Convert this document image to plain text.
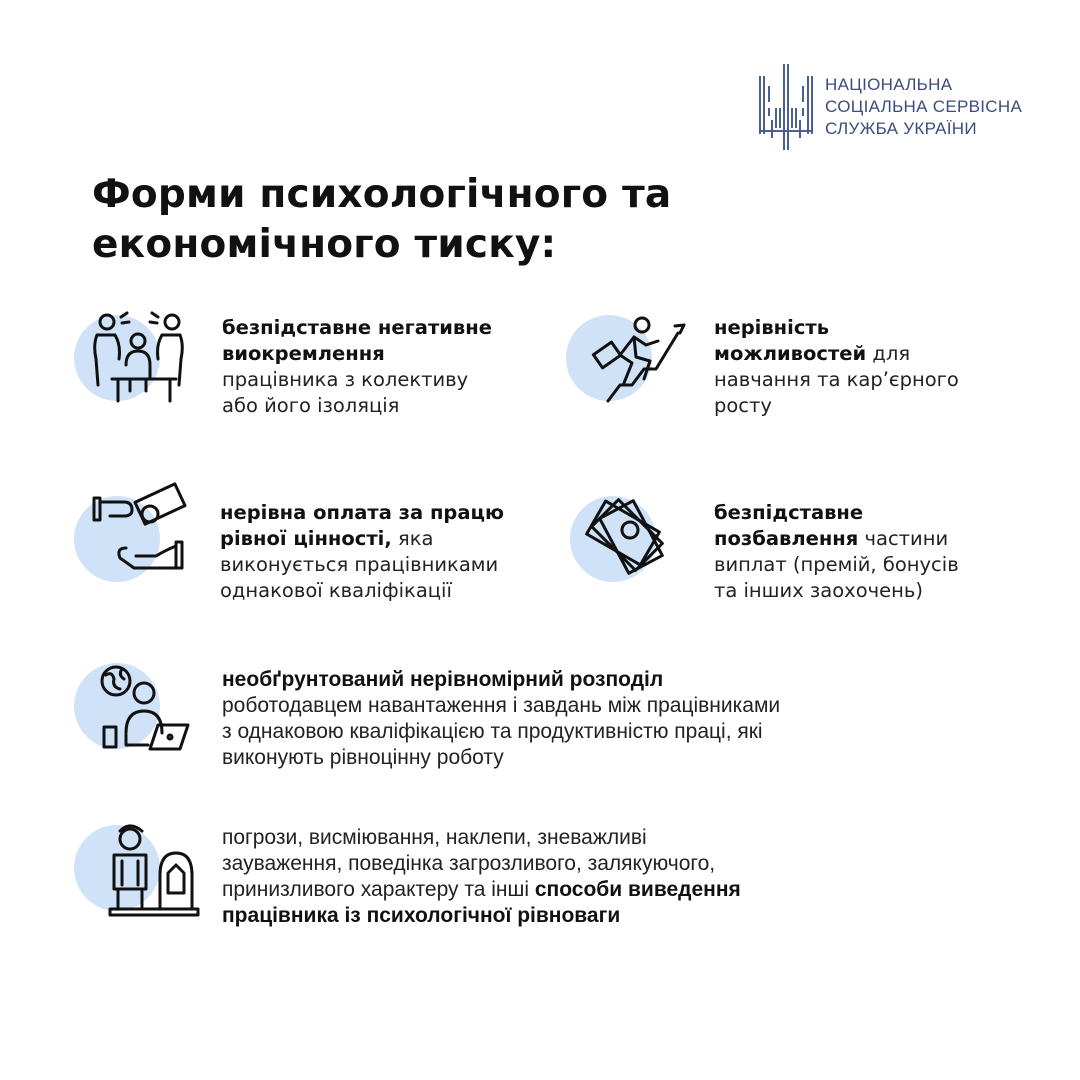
НАЦІОНАЛЬНА
СОЦІАЛЬНА СЕРВІСНА
СЛУЖБА УКРАЇНИ
Форми психологічного та
економічного тиску:
безпідставне негативне
виокремлення
працівника з колективу
або його ізоляція
нерівність
можливостей для
навчання та кар’єрного
росту
нерівна оплата за працю
рівної цінності, яка
виконується працівниками
однакової кваліфікації
безпідставне
позбавлення частини
виплат (премій, бонусів
та інших заохочень)
необґрунтований нерівномірний розподіл
роботодавцем навантаження і завдань між працівниками
з однаковою кваліфікацією та продуктивністю праці, які
виконують рівноцінну роботу
погрози, висміювання, наклепи, зневажливі
зауваження, поведінка загрозливого, залякуючого,
принизливого характеру та інші способи виведення
працівника із психологічної рівноваги
